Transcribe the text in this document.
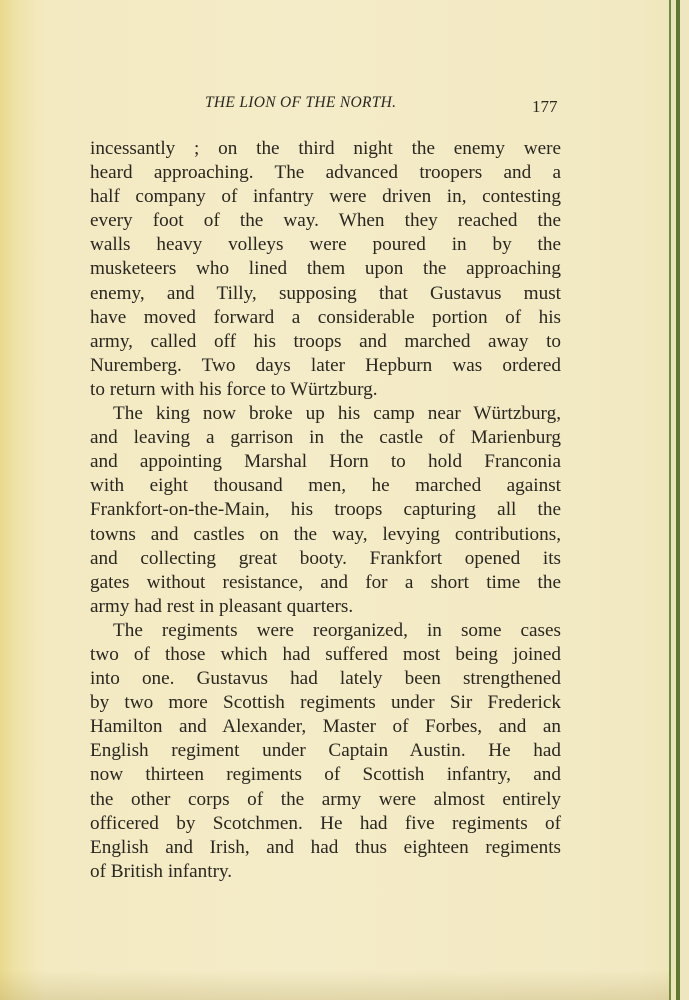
THE LION OF THE NORTH.	177
incessantly ; on the third night the enemy were
heard approaching. The advanced troopers and a
half company of infantry were driven in, contesting
every foot of the way. When they reached the
walls heavy volleys were poured in by the
musketeers who lined them upon the approaching
enemy, and Tilly, supposing that Gustavus must
have moved forward a considerable portion of his
army, called off his troops and marched away to
Nuremberg. Two days later Hepburn was ordered
to return with his force to Würtzburg.
The king now broke up his camp near Würtzburg,
and leaving a garrison in the castle of Marienburg
and appointing Marshal Horn to hold Franconia
with eight thousand men, he marched against
Frankfort-on-the-Main, his troops capturing all the
towns and castles on the way, levying contributions,
and collecting great booty. Frankfort opened its
gates without resistance, and for a short time the
army had rest in pleasant quarters.
The regiments were reorganized, in some cases
two of those which had suffered most being joined
into one. Gustavus had lately been strengthened
by two more Scottish regiments under Sir Frederick
Hamilton and Alexander, Master of Forbes, and an
English regiment under Captain Austin. He had
now thirteen regiments of Scottish infantry, and
the other corps of the army were almost entirely
officered by Scotchmen. He had five regiments of
English and Irish, and had thus eighteen regiments
of British infantry.
